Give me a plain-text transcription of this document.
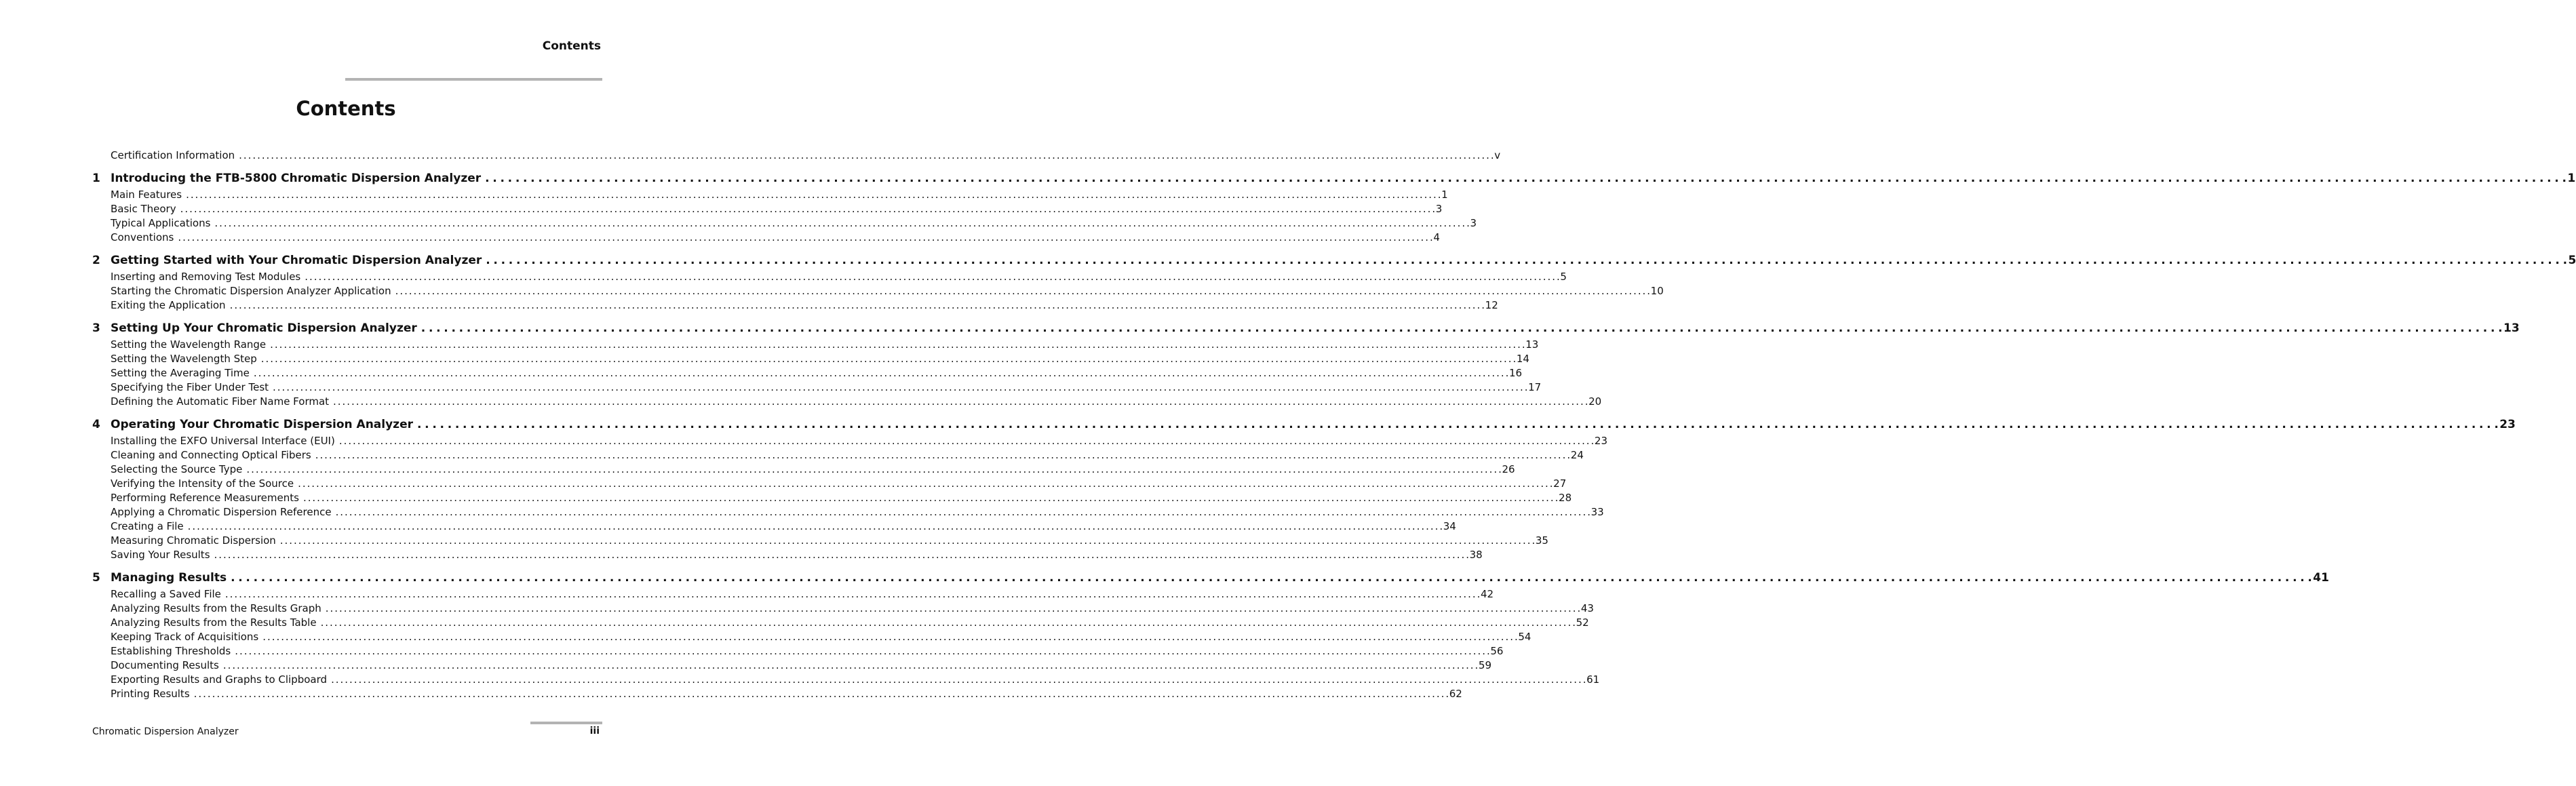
Contents

Contents
Certification Information . . .	v
1 Introducing the FTB-5800 Chromatic Dispersion Analyzer . . .	1
Main Features . . .	1
Basic Theory . . .	3
Typical Applications . . .	3
Conventions . . .	4
2 Getting Started with Your Chromatic Dispersion Analyzer . . .	5
Inserting and Removing Test Modules . . .	5
Starting the Chromatic Dispersion Analyzer Application . . .	10
Exiting the Application . . .	12
3 Setting Up Your Chromatic Dispersion Analyzer . . .	13
Setting the Wavelength Range . . .	13
Setting the Wavelength Step . . .	14
Setting the Averaging Time . . .	16
Specifying the Fiber Under Test . . .	17
Defining the Automatic Fiber Name Format . . .	20
4 Operating Your Chromatic Dispersion Analyzer . . .	23
Installing the EXFO Universal Interface (EUI) . . .	23
Cleaning and Connecting Optical Fibers . . .	24
Selecting the Source Type . . .	26
Verifying the Intensity of the Source . . .	27
Performing Reference Measurements . . .	28
Applying a Chromatic Dispersion Reference . . .	33
Creating a File . . .	34
Measuring Chromatic Dispersion . . .	35
Saving Your Results . . .	38
5 Managing Results . . .	41
Recalling a Saved File . . .	42
Analyzing Results from the Results Graph . . .	43
Analyzing Results from the Results Table . . .	52
Keeping Track of Acquisitions . . .	54
Establishing Thresholds . . .	56
Documenting Results . . .	59
Exporting Results and Graphs to Clipboard . . .	61
Printing Results . . .	62

Chromatic Dispersion Analyzer	iii
